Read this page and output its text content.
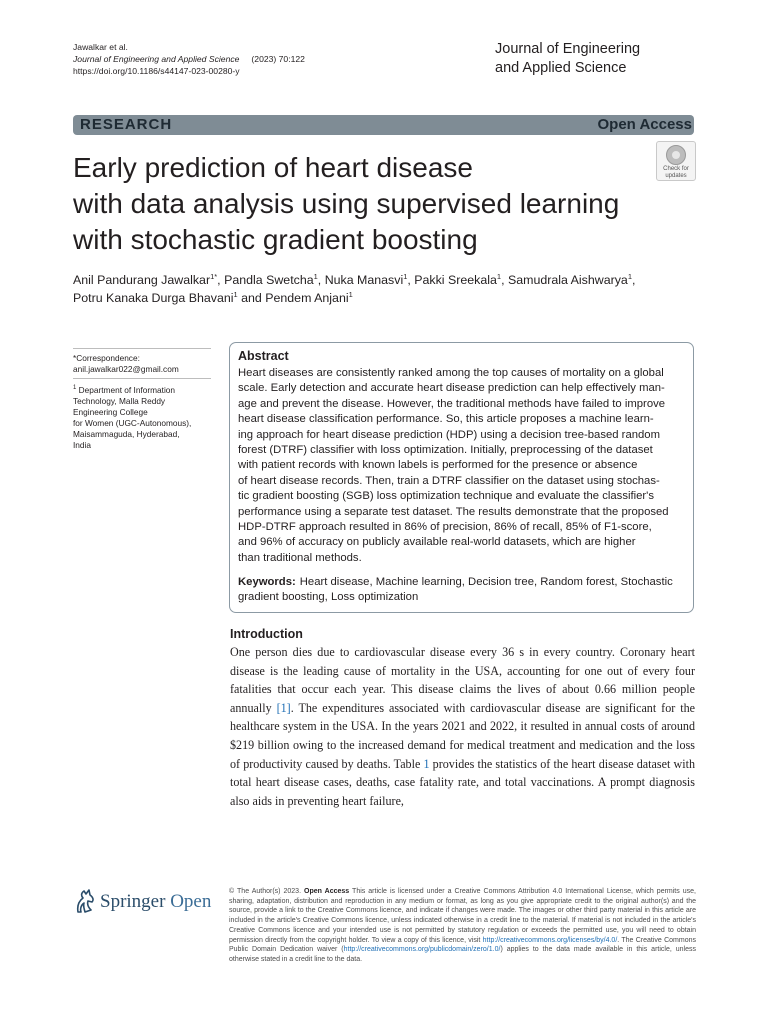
Jawalkar et al.
Journal of Engineering and Applied Science (2023) 70:122
https://doi.org/10.1186/s44147-023-00280-y
Journal of Engineering
and Applied Science
RESEARCH	Open Access
Early prediction of heart disease
with data analysis using supervised learning
with stochastic gradient boosting
Check for
updates
Anil Pandurang Jawalkar$^{1*}$, Pandla Swetcha$^1$, Nuka Manasvi$^1$, Pakki Sreekala$^1$, Samudrala Aishwarya$^1$,
Potru Kanaka Durga Bhavani$^1$ and Pendem Anjani$^1$
*Correspondence:
anil.jawalkar022@gmail.com
$^1$ Department of Information
Technology, Malla Reddy
Engineering College
for Women (UGC-Autonomous),
Maisammaguda, Hyderabad,
India
Abstract
Heart diseases are consistently ranked among the top causes of mortality on a global
scale. Early detection and accurate heart disease prediction can help effectively man-
age and prevent the disease. However, the traditional methods have failed to improve
heart disease classification performance. So, this article proposes a machine learn-
ing approach for heart disease prediction (HDP) using a decision tree-based random
forest (DTRF) classifier with loss optimization. Initially, preprocessing of the dataset
with patient records with known labels is performed for the presence or absence
of heart disease records. Then, train a DTRF classifier on the dataset using stochas-
tic gradient boosting (SGB) loss optimization technique and evaluate the classifier's
performance using a separate test dataset. The results demonstrate that the proposed
HDP-DTRF approach resulted in 86% of precision, 86% of recall, 85% of F1-score,
and 96% of accuracy on publicly available real-world datasets, which are higher
than traditional methods.
Keywords: Heart disease, Machine learning, Decision tree, Random forest, Stochastic
gradient boosting, Loss optimization
Introduction
One person dies due to cardiovascular disease every 36 s in every country. Coronary heart disease is the leading cause of mortality in the USA, accounting for one out of every four fatalities that occur each year. This disease claims the lives of about 0.66 million people annually [1]. The expenditures associated with cardiovascular disease are significant for the healthcare system in the USA. In the years 2021 and 2022, it resulted in annual costs of around $219 billion owing to the increased demand for medical treatment and medication and the loss of productivity caused by deaths. Table 1 provides the statistics of the heart disease dataset with total heart disease cases, deaths, case fatality rate, and total vaccinations. A prompt diagnosis also aids in preventing heart failure,
Springer Open	© The Author(s) 2023. Open Access This article is licensed under a Creative Commons Attribution 4.0 International License, which permits use, sharing, adaptation, distribution and reproduction in any medium or format, as long as you give appropriate credit to the original author(s) and the source, provide a link to the Creative Commons licence, and indicate if changes were made. The images or other third party material in this article are included in the article's Creative Commons licence, unless indicated otherwise in a credit line to the material. If material is not included in the article's Creative Commons licence and your intended use is not permitted by statutory regulation or exceeds the permitted use, you will need to obtain permission directly from the copyright holder. To view a copy of this licence, visit http://creativecommons.org/licenses/by/4.0/. The Creative Commons Public Domain Dedication waiver (http://creativecommons.org/publicdomain/zero/1.0/) applies to the data made available in this article, unless otherwise stated in a credit line to the data.
